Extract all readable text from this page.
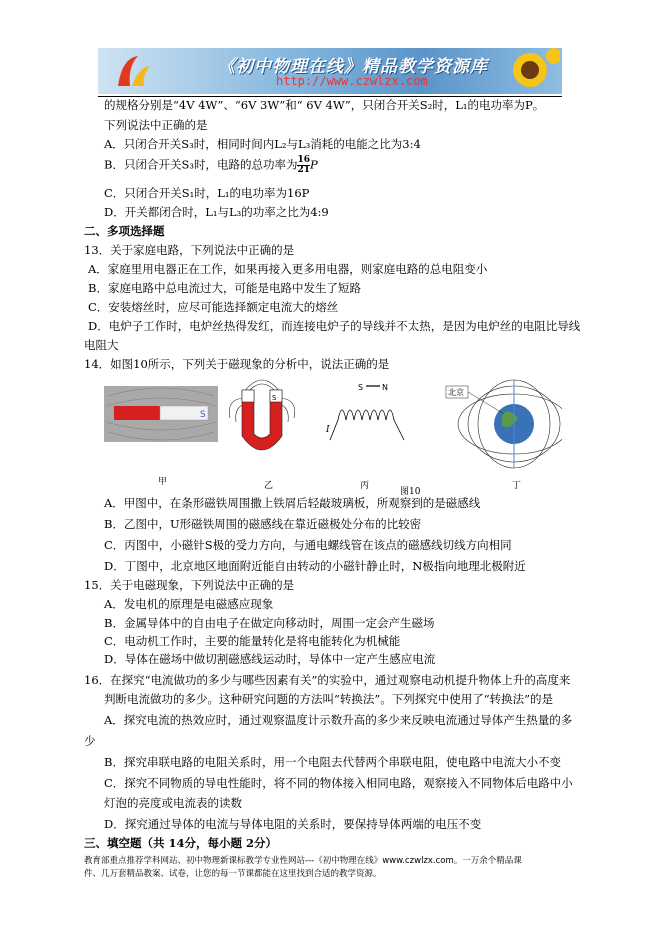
《初中物理在线》精品教学资源库
http://www.czwlzx.com
的规格分别是“4V 4W”、“6V 3W”和“ 6V 4W”，只闭合开关S₂时，L₁的电功率为P。
下列说法中正确的是
A．只闭合开关S₃时，相同时间内L₂与L₃消耗的电能之比为3:4
B．只闭合开关S₃时，电路的总功率为 $\frac{16}{21}$ P
C．只闭合开关S₁时，L₁的电功率为16P
D．开关都闭合时，L₁与L₃的功率之比为4:9
二、多项选择题
13．关于家庭电路，下列说法中正确的是
A．家庭里用电器正在工作，如果再接入更多用电器，则家庭电路的总电阻变小
B．家庭电路中总电流过大，可能是电路中发生了短路
C．安装熔丝时，应尽可能选择额定电流大的熔丝
D．电炉子工作时，电炉丝热得发红，而连接电炉子的导线并不太热，是因为电炉丝的电阻比导线
电阻大
14．如图10所示，下列关于磁现象的分析中，说法正确的是
S
S
S N
I
北京
甲	乙	丙
图10
丁
A．甲图中，在条形磁铁周围撒上铁屑后轻敲玻璃板，所观察到的是磁感线
B．乙图中，U形磁铁周围的磁感线在靠近磁极处分布的比较密
C．丙图中，小磁针S极的受力方向，与通电螺线管在该点的磁感线切线方向相同
D．丁图中，北京地区地面附近能自由转动的小磁针静止时，N极指向地理北极附近
15．关于电磁现象，下列说法中正确的是
A．发电机的原理是电磁感应现象
B．金属导体中的自由电子在做定向移动时，周围一定会产生磁场
C．电动机工作时，主要的能量转化是将电能转化为机械能
D．导体在磁场中做切割磁感线运动时，导体中一定产生感应电流
16．在探究“电流做功的多少与哪些因素有关”的实验中，通过观察电动机提升物体上升的高度来
判断电流做功的多少。这种研究问题的方法叫“转换法”。下列探究中使用了“转换法”的是
A．探究电流的热效应时，通过观察温度计示数升高的多少来反映电流通过导体产生热量的多
少
B．探究串联电路的电阻关系时，用一个电阻去代替两个串联电阻，使电路中电流大小不变
C．探究不同物质的导电性能时，将不同的物体接入相同电路，观察接入不同物体后电路中小
灯泡的亮度或电流表的读数
D．探究通过导体的电流与导体电阻的关系时，要保持导体两端的电压不变
三、填空题（共 14分，每小题 2分）
教育部重点推荐学科网站、初中物理新课标教学专业性网站---《初中物理在线》www.czwlzx.com。一万余个精品课
件、几万套精品教案、试卷，让您的每一节课都能在这里找到合适的教学资源。
